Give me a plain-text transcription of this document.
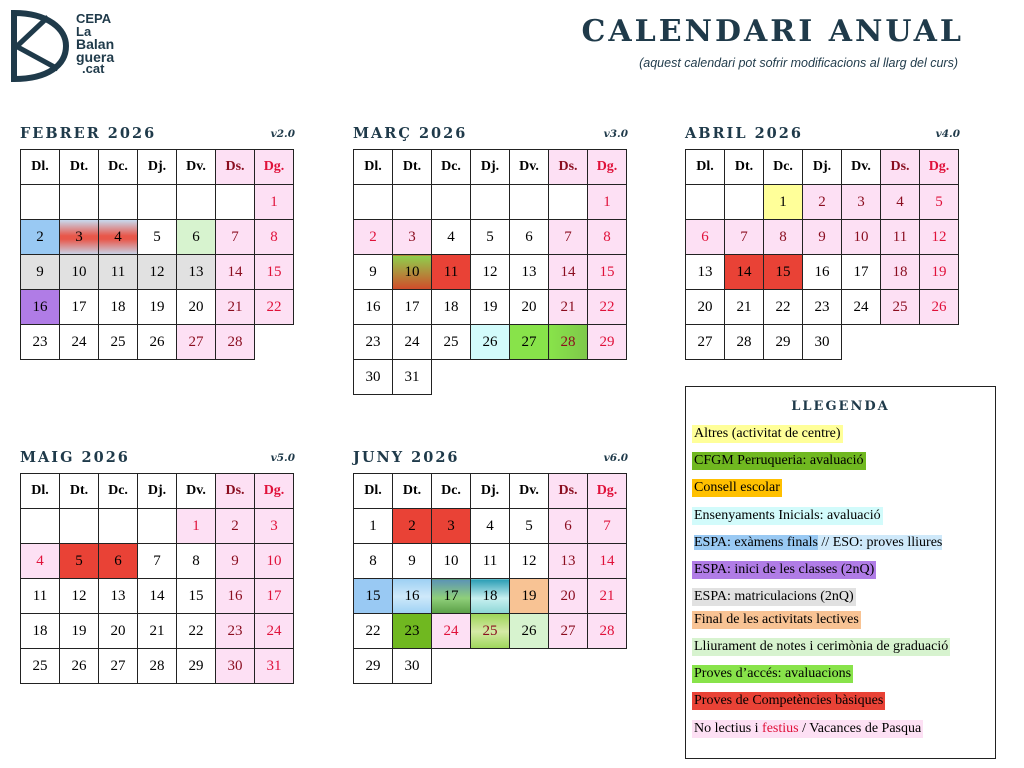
CEPA
La
Balan
guera
.cat
CALENDARI ANUAL
(aquest calendari pot sofrir modificacions al llarg del curs)
FEBRER 2026	v2.0
Dl.	Dt.	Dc.	Dj.	Dv.	Ds.	Dg.
						1
2	3	4	5	6	7	8
9	10	11	12	13	14	15
16	17	18	19	20	21	22
23	24	25	26	27	28	
MARÇ 2026	v3.0
Dl.	Dt.	Dc.	Dj.	Dv.	Ds.	Dg.
						1
2	3	4	5	6	7	8
9	10	11	12	13	14	15
16	17	18	19	20	21	22
23	24	25	26	27	28	29
30	31					
ABRIL 2026	v4.0
Dl.	Dt.	Dc.	Dj.	Dv.	Ds.	Dg.
		1	2	3	4	5
6	7	8	9	10	11	12
13	14	15	16	17	18	19
20	21	22	23	24	25	26
27	28	29	30			
MAIG 2026	v5.0
Dl.	Dt.	Dc.	Dj.	Dv.	Ds.	Dg.
				1	2	3
4	5	6	7	8	9	10
11	12	13	14	15	16	17
18	19	20	21	22	23	24
25	26	27	28	29	30	31
JUNY 2026	v6.0
Dl.	Dt.	Dc.	Dj.	Dv.	Ds.	Dg.
1	2	3	4	5	6	7
8	9	10	11	12	13	14
15	16	17	18	19	20	21
22	23	24	25	26	27	28
29	30					
LLEGENDA
Altres (activitat de centre)
CFGM Perruqueria: avaluació
Consell escolar
Ensenyaments Inicials: avaluació
ESPA: exàmens finals // ESO: proves lliures
ESPA: inici de les classes (2nQ)
ESPA: matriculacions (2nQ)
Final de les activitats lectives
Lliurament de notes i cerimònia de graduació
Proves d’accés: avaluacions
Proves de Competències bàsiques
No lectius i festius / Vacances de Pasqua
